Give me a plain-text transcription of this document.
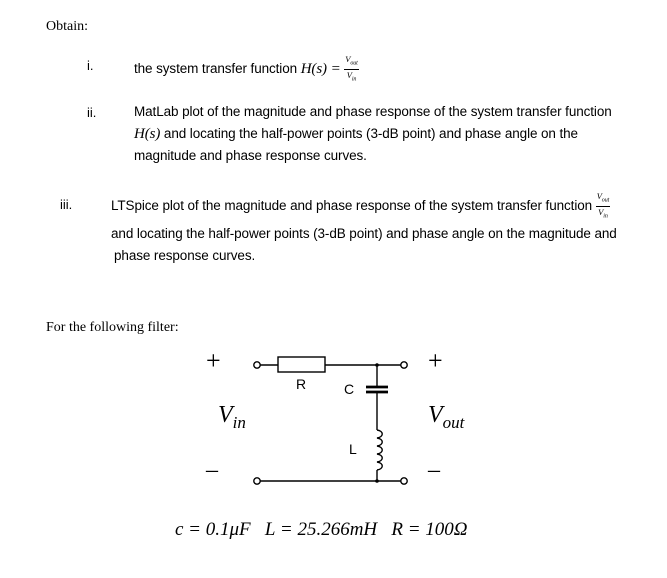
Obtain:
i.	the system transfer function $H(s) = \frac{V_{out}}{V_{in}}$
ii.	MatLab plot of the magnitude and phase response of the system transfer function
H(s) and locating the half-power points (3-dB point) and phase angle on the
magnitude and phase response curves.
iii.	LTSpice plot of the magnitude and phase response of the system transfer function $\frac{V_{out}}{V_{in}}$
and locating the half-power points (3-dB point) and phase angle on the magnitude and
phase response curves.
For the following filter:
+	+
–	–
$V_{in}$	$V_{out}$
R	C
L
c = 0.1μF   L = 25.266mH   R = 100Ω
